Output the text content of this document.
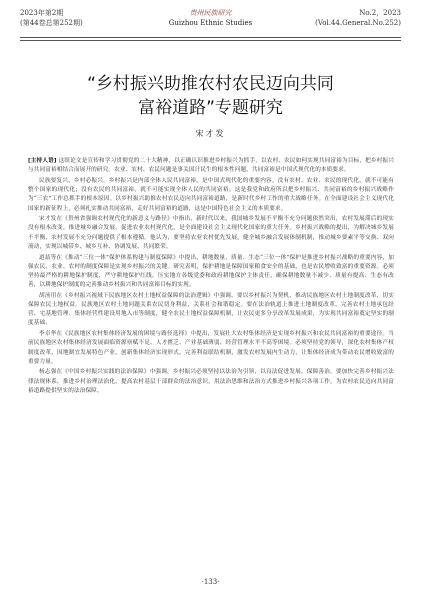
2023年第2期
(第44卷总第252期)
贵州民族研究
Guizhou Ethnic Studies
No.2，2023
(Vol.44.General.No.252)
“乡村振兴助推农村农民迈向共同
富裕道路”专题研究
宋才发

[主持人语] 这组论文是宣传和学习贯彻党的二十大精神，以正确认识推进乡村振兴为抓手，以农村、农民如何实现共同富裕为目标，把乡村振兴与共同富裕相结合而展开的研究。农业、农村、农民问题是事关国计民生的根本性问题，共同富裕是中国式现代化的本质要求。

民族要复兴，乡村必振兴。乡村振兴是内部全体人民共同富裕，是中国式现代化的重要内容。没有农村、农业、农民的现代化，就不可能有整个国家的现代化；没有农民的共同富裕，就不可能实现全体人民的共同富裕。这是我党和政府所以把乡村振兴、共同富裕的乡村振兴战略作为“三农”工作总抓手的根本原因。以乡村振兴助推农村农民迈向共同富裕道路，是新时代乡村工作的重大战略任务。在全面建设社会主义现代化国家的新征程上，必须扎实推动共同富裕，走好共同富裕的道路，这是中国特色社会主义的本质要求。

宋才发在《贵州省强调农村现代化的新意义与路径》中指出，新时代以来，我国城乡发展不平衡不充分问题依然突出，农村发展滞后的现实没有根本改变。推进城乡融合发展，促进农业农村现代化，是全面建设社会主义现代化国家的重大任务。乡村振兴战略的提出，为解决城乡发展不平衡、农村发展不充分问题提供了根本遵循。他认为，要坚持农业农村优先发展，健全城乡融合发展体制机制，推动城乡要素平等交换、双向流动，实现以城带乡、城乡互补、协调发展、共同繁荣。

道喆等在《推动“三位一体”保护体系构建与制度保障》中提出，耕地数量、质量、生态“三位一体”保护是推进乡村振兴战略的重要内容，加强农民、农业、农村的制度保障是实现乡村振兴的关键。研究表明，保护耕地是保障国家粮食安全的基础，也是农民增收致富的重要资源。必须坚持最严格的耕地保护制度，严守耕地保护红线，压实地方各级党委和政府耕地保护主体责任，确保耕地数量不减少、质量有提高、生态有改善，以耕地保护制度的完善推动乡村振兴和共同富裕目标的实现。

胡汤用在《乡村振兴视域下民族地区农村土地权益保障的法治逻辑》中强调，要以乡村振兴为契机，推动民族地区农村土地制度改革，切实保障农民土地权益。民族地区农村土地问题关系农民切身利益，关系社会和谐稳定。要在法治轨道上推进土地制度改革，完善农村土地承包经营、宅基地管理、集体经营性建设用地入市等制度，健全农民土地权益保障机制，让农民更多分享改革发展成果，为实现共同富裕奠定坚实的制度基础。

李卓华在《民族地区农村集体经济发展的困境与路径选择》中提出，发展壮大农村集体经济是实现乡村振兴和农民共同富裕的重要途径。当前民族地区农村集体经济发展面临资源禀赋不足、人才匮乏、产业基础薄弱、经营管理水平不高等困境。必须坚持党的领导，深化农村集体产权制度改革，因地制宜发展特色产业，创新集体经济实现形式，完善利益联结机制，激发农村发展内生动力，让集体经济成为带动农民增收致富的重要力量。

杨志强在《中国乡村振兴实践的法治保障》中强调，乡村振兴必须坚持以法治为引领，以良法促进发展、保障善治。要加快完善乡村振兴法律法规体系，推进乡村治理法治化，提高农村基层干部群众的法治意识，用法治思维和法治方式推进乡村振兴各项工作，为农村农民迈向共同富裕道路提供坚实的法治保障。

·133·
